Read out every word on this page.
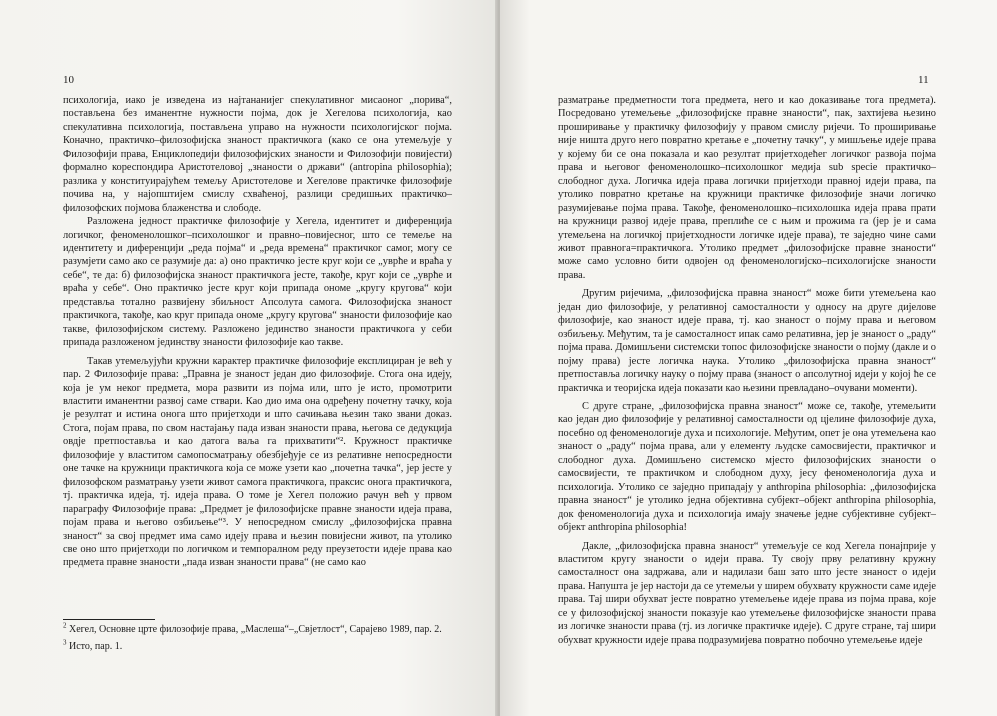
10

психологија, иако је изведена из најтананијег спекулативног мисаоног „порива“, постављена без иманентне нужности појма, док је Хегелова психологија, као спекулативна психологија, постављена управо на нужности психологијског појма. Коначно, практичко–филозофијска знаност практичкога (како се она утемељује у Филозофији права, Енциклопедији филозофијских знаности и Филозофији повијести) формално кореспондира Аристотеловој „знаности о држави“ (antropina philosophia); разлика у конституирајућем темељу Аристотелове и Хегелове практичке филозофије почива на, у најопштијем смислу схваћеној, разлици средишњих практичко–филозофских појмова блаженства и слободе.

Разложена једност практичке филозофије у Хегела, идентитет и диференција логичког, феноменолошког–психолошког и правно–повијесног, што се темеље на идентитету и диференцији „реда појма“ и „реда времена“ практичког самог, могу се разумјети само ако се разумије да: а) оно практичко јесте круг који се „уврће и враћа у себе“, те да: б) филозофијска знаност практичкога јесте, такође, круг који се „уврће и враћа у себе“. Оно практичко јесте круг који припада ономе „кругу кругова“ који представља тотално развијену збиљност Апсолута самога. Филозофијска знаност практичкога, такође, као круг припада ономе „кругу кругова“ знаности филозофије као такве, филозофијском систему. Разложено јединство знаности практичкога у себи припада разложеном јединству знаности филозофије као такве.

Такав утемељујући кружни карактер практичке филозофије експлициран је већ у пар. 2 Филозофије права: „Правна је знаност један дио филозофије. Стога она идеју, која је ум неког предмета, мора развити из појма или, што је исто, промотрити властити иманентни развој саме ствари. Као дио има она одређену почетну тачку, која је резултат и истина онога што пријетходи и што сачињава њезин тако звани доказ. Стога, појам права, по свом настајању пада изван знаности права, његова се дедукција овдје претпоставља и као датога ваља га прихватити“². Кружност практичке филозофије у властитом самопосматрању обезбјеђује се из релативне непосредности оне тачке на кружници практичкога која се може узети као „почетна тачка“, јер јесте у филозофском разматрању узети живот самога практичкога, праксис онога практичкога, тј. практичка идеја, тј. идеја права. О томе је Хегел положио рачун већ у првом параграфу Филозофије права: „Предмет је филозофијске правне знаности идеја права, појам права и његово озбиљење“³. У непосредном смислу „филозофијска правна знаност“ за свој предмет има само идеју права и њезин повијесни живот, па утолико све оно што пријетходи по логичком и темпоралном реду преузетости идеје права као предмета правне знаности „пада изван знаности права“ (не само као

$^2$ Хегел, Основне црте филозофије права, „Маслеша“–„Свјетлост“, Сарајево 1989, пар. 2.
$^3$ Исто, пар. 1.
11

разматрање предметности тога предмета, него и као доказивање тога предмета). Посредовано утемељење „филозофијске правне знаности“, пак, захтијева њезино проширивање у практичку филозофију у правом смислу ријечи. То проширивање није ништа друго него повратно кретање е „почетну тачку“, у мишљење идеје права у којему би се она показала и као резултат пријетходећег логичког развоја појма права и његовог феноменолошко–психолошког медија sub specie практичко–слободног духа. Логичка идеја права логички пријетходи правној идеји права, па утолико повратно кретање на кружници практичке филозофије значи логичко разумијевање појма права. Такође, феноменолошко–психолошка идеја права прати на кружници развој идеје права, преплиће се с њим и прожима га (јер је и сама утемељена на логичкој пријетходности логичке идеје права), те заједно чине сами живот правнога=практичкога. Утолико предмет „филозофијске правне знаности“ може само условно бити одвојен од феноменологијско–психологијске знаности права.

Другим ријечима, „филозофијска правна знаност“ може бити утемељена као један дио филозофије, у релативној самосталности у односу на друге дијелове филозофије, као знаност идеје права, тј. као знаност о појму права и његовом озбиљењу. Међутим, та је самосталност ипак само релативна, јер је знаност о „раду“ појма права. Домишљени системски топос филозофијске знаности о појму (дакле и о појму права) јесте логичка наука. Утолико „филозофијска правна знаност“ претпоставља логичку науку о појму права (знаност о апсолутној идеји у којој ће се практичка и теоријска идеја показати као њезини превладано–очувани моменти).

С друге стране, „филозофијска правна знаност“ може се, такође, утемељити као један дио филозофије у релативној самосталности од цјелине филозофије духа, посебно од феноменологије духа и психологије. Међутим, опет је она утемељена као знаност о „раду“ појма права, али у елементу људске самосвијести, практичког и слободног духа. Домишљено системско мјесто филозофијских знаности о самосвијести, те практичком и слободном духу, јесу феноменологија духа и психологија. Утолико се заједно припадају у anthropina philosophia: „филозофијска правна знаност“ је утолико једна објективна субјект–објект anthropina philosophia, док феноменологија духа и психологија имају значење једне субјективне субјект–објект anthropina philosophia!

Дакле, „филозофијска правна знаност“ утемељује се код Хегела понајприје у властитом кругу знаности о идеји права. Ту своју прву релативну кружну самосталност она задржава, али и надилази баш зато што јесте знаност о идеји права. Напушта је јер настоји да се утемељи у ширем обухвату кружности саме идеје права. Тај шири обухват јесте повратно утемељење идеје права из појма права, које се у филозофијској знаности показује као утемељење филозофијске знаности права из логичке знаности права (тј. из логичке практичке идеје). С друге стране, тај шири обухват кружности идеје права подразумијева повратно побочно утемељење идеје
